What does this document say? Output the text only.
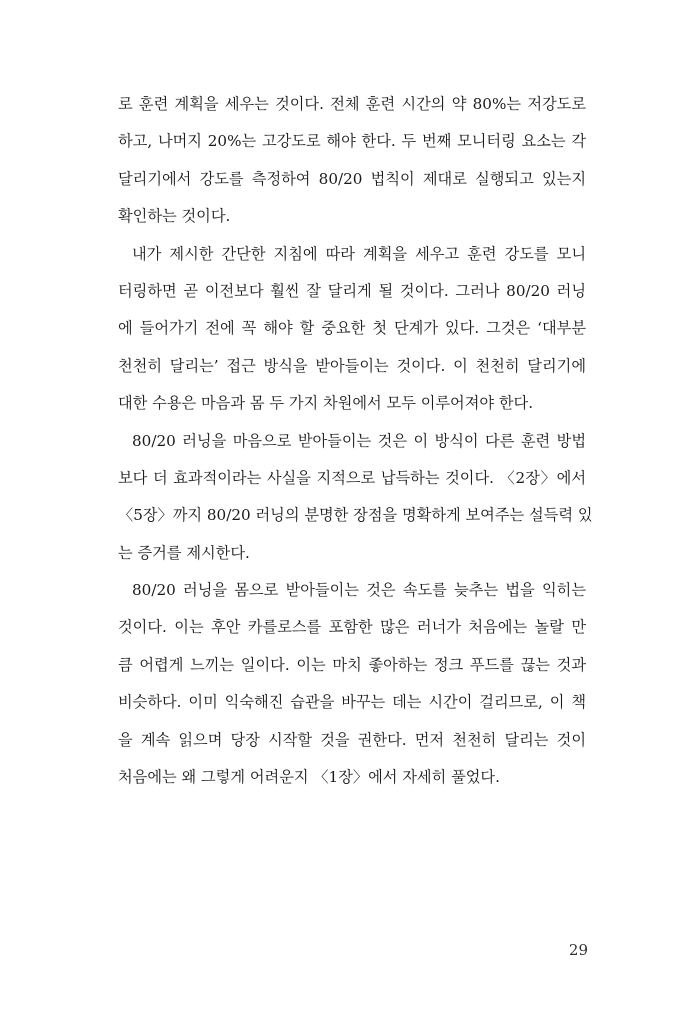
로 훈련 계획을 세우는 것이다. 전체 훈련 시간의 약 80%는 저강도로
하고, 나머지 20%는 고강도로 해야 한다. 두 번째 모니터링 요소는 각
달리기에서 강도를 측정하여 80/20 법칙이 제대로 실행되고 있는지
확인하는 것이다.

내가 제시한 간단한 지침에 따라 계획을 세우고 훈련 강도를 모니
터링하면 곧 이전보다 훨씬 잘 달리게 될 것이다. 그러나 80/20 러닝
에 들어가기 전에 꼭 해야 할 중요한 첫 단계가 있다. 그것은 ‘대부분
천천히 달리는’ 접근 방식을 받아들이는 것이다. 이 천천히 달리기에
대한 수용은 마음과 몸 두 가지 차원에서 모두 이루어져야 한다.

80/20 러닝을 마음으로 받아들이는 것은 이 방식이 다른 훈련 방법
보다 더 효과적이라는 사실을 지적으로 납득하는 것이다. 〈2장〉에서
〈5장〉까지 80/20 러닝의 분명한 장점을 명확하게 보여주는 설득력 있
는 증거를 제시한다.

80/20 러닝을 몸으로 받아들이는 것은 속도를 늦추는 법을 익히는
것이다. 이는 후안 카를로스를 포함한 많은 러너가 처음에는 놀랄 만
큼 어렵게 느끼는 일이다. 이는 마치 좋아하는 정크 푸드를 끊는 것과
비슷하다. 이미 익숙해진 습관을 바꾸는 데는 시간이 걸리므로, 이 책
을 계속 읽으며 당장 시작할 것을 권한다. 먼저 천천히 달리는 것이
처음에는 왜 그렇게 어려운지 〈1장〉에서 자세히 풀었다.

29
